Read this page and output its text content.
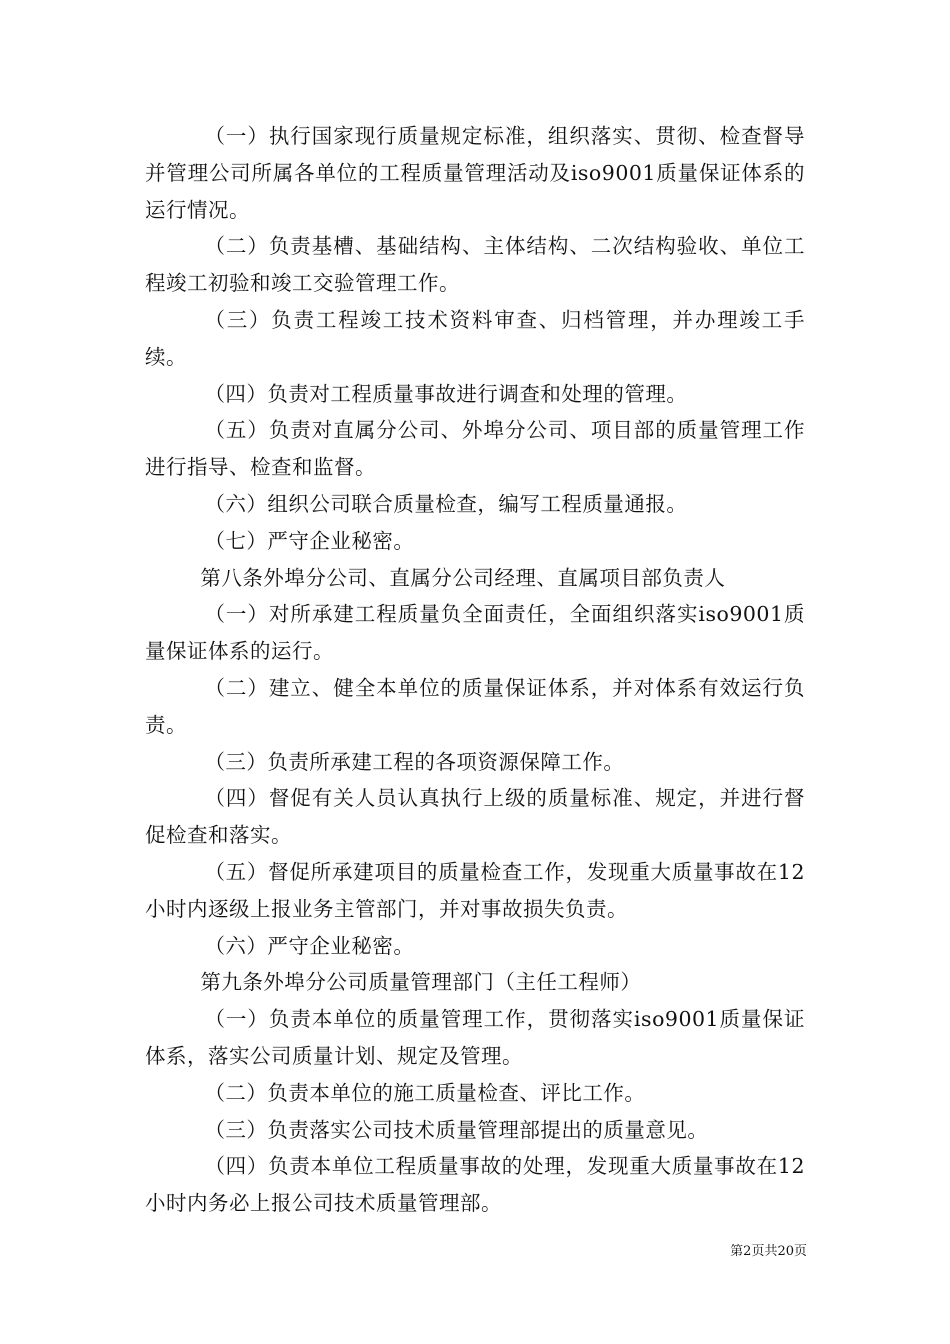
（一）执行国家现行质量规定标准，组织落实、贯彻、检查督导并管理公司所属各单位的工程质量管理活动及iso9001质量保证体系的运行情况。

（二）负责基槽、基础结构、主体结构、二次结构验收、单位工程竣工初验和竣工交验管理工作。

（三）负责工程竣工技术资料审查、归档管理，并办理竣工手续。

（四）负责对工程质量事故进行调查和处理的管理。

（五）负责对直属分公司、外埠分公司、项目部的质量管理工作进行指导、检查和监督。

（六）组织公司联合质量检查，编写工程质量通报。

（七）严守企业秘密。

第八条外埠分公司、直属分公司经理、直属项目部负责人

（一）对所承建工程质量负全面责任，全面组织落实iso9001质量保证体系的运行。

（二）建立、健全本单位的质量保证体系，并对体系有效运行负责。

（三）负责所承建工程的各项资源保障工作。

（四）督促有关人员认真执行上级的质量标准、规定，并进行督促检查和落实。

（五）督促所承建项目的质量检查工作，发现重大质量事故在12小时内逐级上报业务主管部门，并对事故损失负责。

（六）严守企业秘密。

第九条外埠分公司质量管理部门（主任工程师）

（一）负责本单位的质量管理工作，贯彻落实iso9001质量保证体系，落实公司质量计划、规定及管理。

（二）负责本单位的施工质量检查、评比工作。

（三）负责落实公司技术质量管理部提出的质量意见。

（四）负责本单位工程质量事故的处理，发现重大质量事故在12小时内务必上报公司技术质量管理部。

第2页共20页
